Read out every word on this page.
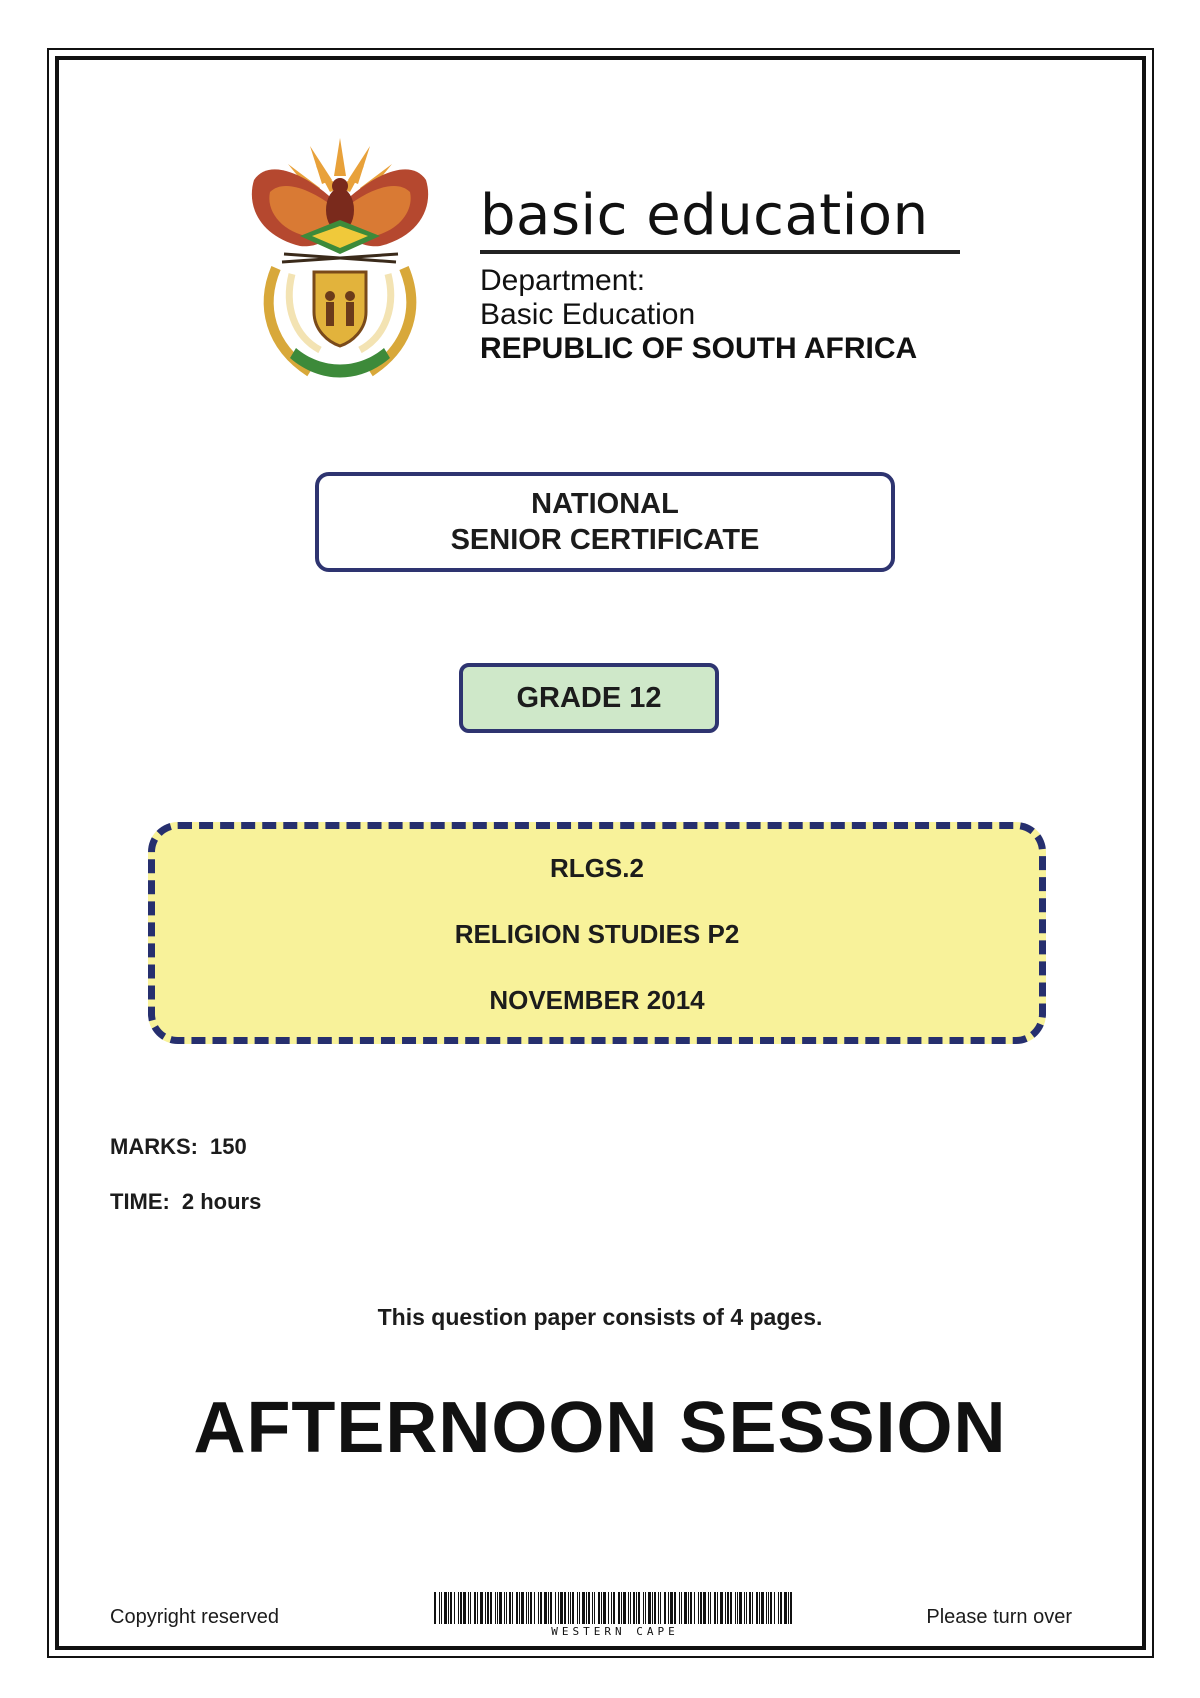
basic education
Department:
Basic Education
REPUBLIC OF SOUTH AFRICA
NATIONAL
SENIOR CERTIFICATE
GRADE 12
RLGS.2
RELIGION STUDIES P2
NOVEMBER 2014
MARKS: 150
TIME: 2 hours
This question paper consists of 4 pages.
AFTERNOON SESSION
Copyright reserved
WESTERN CAPE
Please turn over
